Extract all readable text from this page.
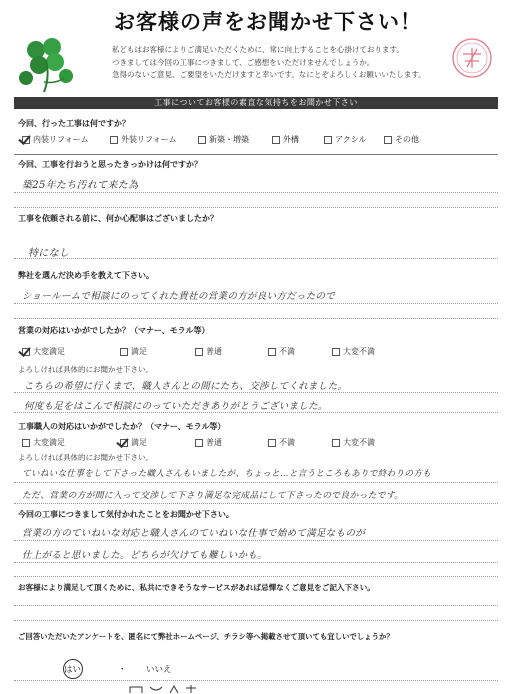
お客様の声をお聞かせ下さい！
私どもはお客様によりご満足いただくために、常に向上することを心掛けております。
つきましては今回の工事につきまして、ご感想をいただけませんでしょうか。
急得のないご意見、ご要望をいただけますと幸いです。なにとぞよろしくお願いいたします。
工事についてお客様の素直な気持ちをお聞かせ下さい
今回、行った工事は何ですか？
内装リフォーム	外装リフォーム	新築・増築	外構	アクシル	その他
今回、工事を行おうと思ったきっかけは何ですか？
築25年たち汚れて来た為
工事を依頼される前に、何か心配事はございましたか？
特になし
弊社を選んだ決め手を教えて下さい。
ショールームで相談にのってくれた貴社の営業の方が良い方だったので
営業の対応はいかがでしたか？（マナー、モラル等）
大変満足	満足	普通	不満	大変不満
よろしければ具体的にお聞かせ下さい。
こちらの希望に行くまで、職人さんとの間にたち、交渉してくれました。
何度も足をはこんで相談にのっていただきありがとうございました。
工事職人の対応はいかがでしたか？（マナー、モラル等）
大変満足	満足	普通	不満	大変不満
よろしければ具体的にお聞かせ下さい。
ていねいな仕事をして下さった職人さんもいましたが、ちょっと…と言うところもありで終わりの方も
ただ、営業の方が間に入って交渉して下さり満足な完成品にして下さったので良かったです。
今回の工事につきまして気付かれたことをお聞かせ下さい。
営業の方のていねいな対応と職人さんのていねいな仕事で始めて満足なものが
仕上がると思いました。どちらが欠けても難しいかも。
お客様により満足して頂くために、私共にできそうなサービスがあれば忌憚なくご意見をご記入下さい。
ご回答いただいたアンケートを、匿名にて弊社ホームページ、チラシ等へ掲載させて頂いても宜しいでしょうか？
はい	・ いいえ
